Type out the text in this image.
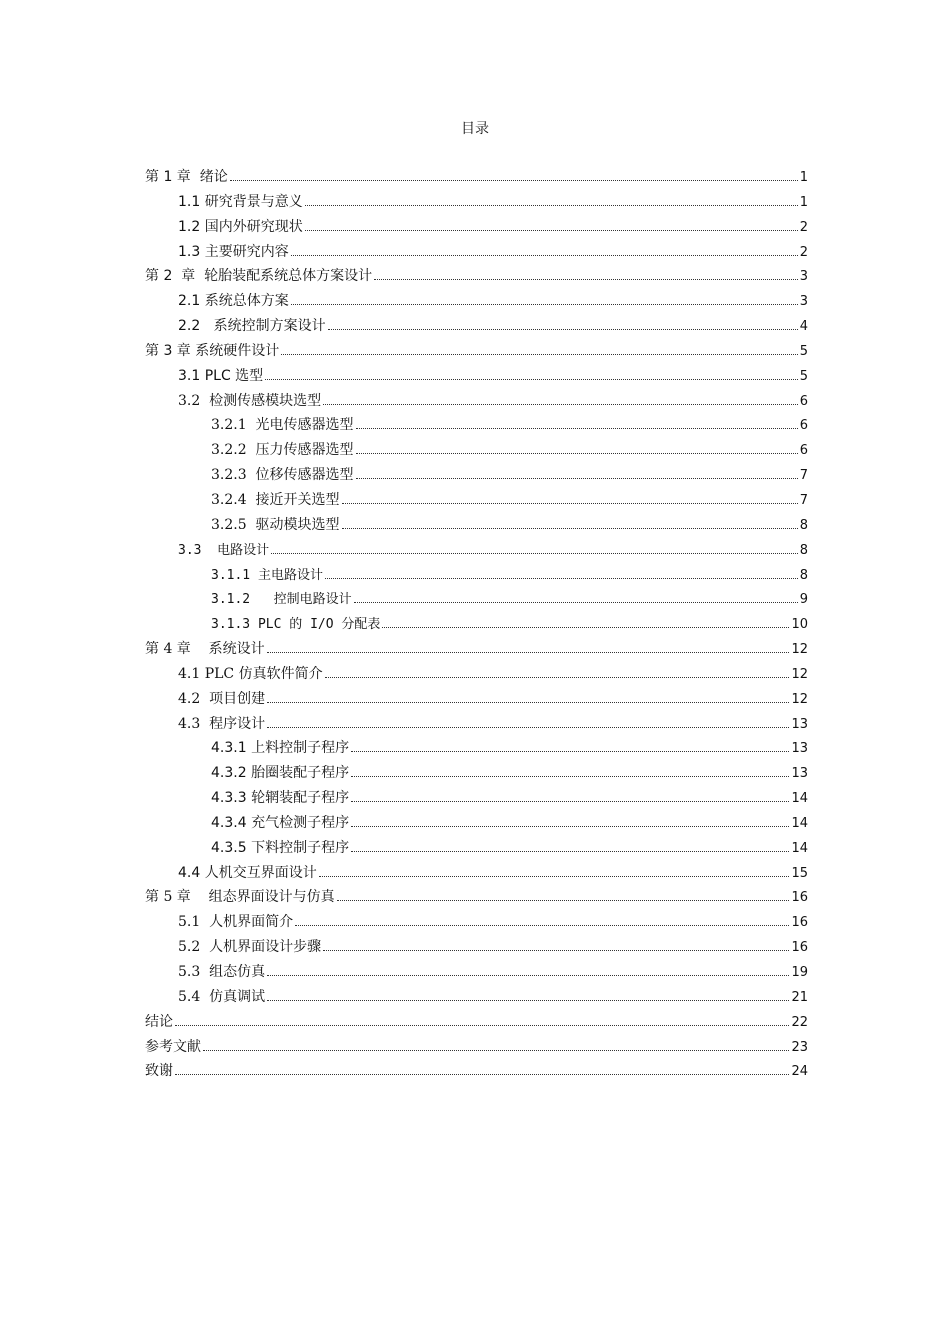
目录
第 1 章  绪论	1
1.1 研究背景与意义	1
1.2 国内外研究现状	2
1.3 主要研究内容	2
第 2  章  轮胎装配系统总体方案设计	3
2.1 系统总体方案	3
2.2   系统控制方案设计	4
第 3 章 系统硬件设计	5
3.1 PLC 选型	5
3.2  检测传感模块选型	6
3.2.1  光电传感器选型	6
3.2.2  压力传感器选型	6
3.2.3  位移传感器选型	7
3.2.4  接近开关选型	7
3.2.5  驱动模块选型	8
3.3  电路设计	8
3.1.1 主电路设计	8
3.1.2   控制电路设计	9
3.1.3 PLC 的 I/O 分配表	10
第 4 章    系统设计	12
4.1 PLC 仿真软件简介	12
4.2  项目创建	12
4.3  程序设计	13
4.3.1 上料控制子程序	13
4.3.2 胎圈装配子程序	13
4.3.3 轮辋装配子程序	14
4.3.4 充气检测子程序	14
4.3.5 下料控制子程序	14
4.4 人机交互界面设计	15
第 5 章    组态界面设计与仿真	16
5.1  人机界面简介	16
5.2  人机界面设计步骤	16
5.3  组态仿真	19
5.4  仿真调试	21
结论	22
参考文献	23
致谢	24
